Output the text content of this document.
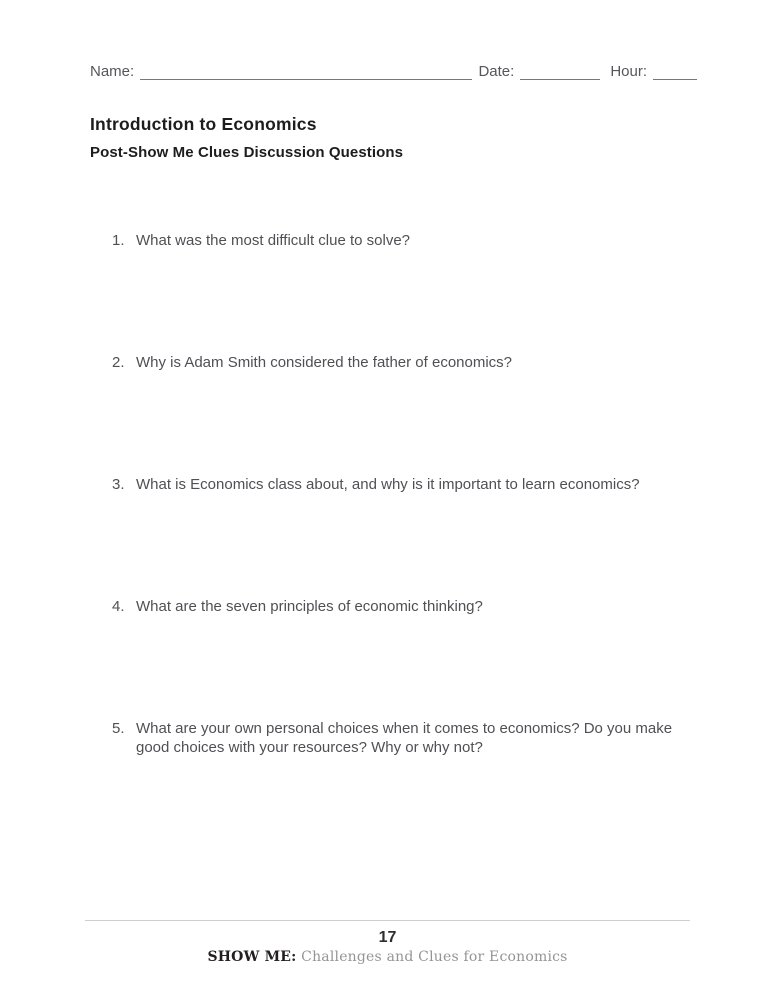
Name:	Date:	Hour:
Introduction to Economics
Post-Show Me Clues Discussion Questions
1. What was the most difficult clue to solve?
2. Why is Adam Smith considered the father of economics?
3. What is Economics class about, and why is it important to learn economics?
4. What are the seven principles of economic thinking?
5. What are your own personal choices when it comes to economics? Do you make good choices with your resources? Why or why not?
17
SHOW ME: Challenges and Clues for Economics
